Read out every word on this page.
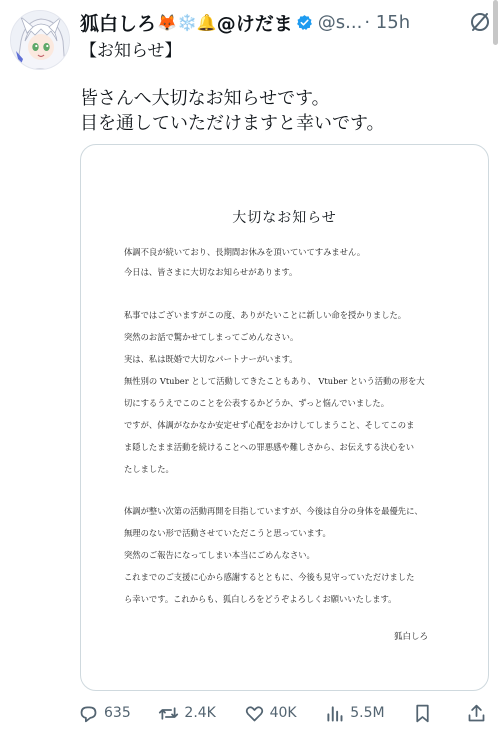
狐白しろ 🦊❄️🔔 @けだま @s... · 15h
【お知らせ】
皆さんへ大切なお知らせです。
目を通していただけますと幸いです。
大切なお知らせ
体調不良が続いており、長期間お休みを頂いていてすみません。
今日は、皆さまに大切なお知らせがあります。
私事ではございますがこの度、ありがたいことに新しい命を授かりました。
突然のお話で驚かせてしまってごめんなさい。
実は、私は既婚で大切なパートナーがいます。
無性別の Vtuber として活動してきたこともあり、 Vtuber という活動の形を大
切にするうえでこのことを公表するかどうか、ずっと悩んでいました。
ですが、体調がなかなか安定せず心配をおかけしてしまうこと、そしてこのま
ま隠したまま活動を続けることへの罪悪感や難しさから、お伝えする決心をい
たしました。
体調が整い次第の活動再開を目指していますが、今後は自分の身体を最優先に、
無理のない形で活動させていただこうと思っています。
突然のご報告になってしまい本当にごめんなさい。
これまでのご支援に心から感謝するとともに、今後も見守っていただけました
ら幸いです。これからも、狐白しろをどうぞよろしくお願いいたします。
狐白しろ
635	2.4K	40K	5.5M
